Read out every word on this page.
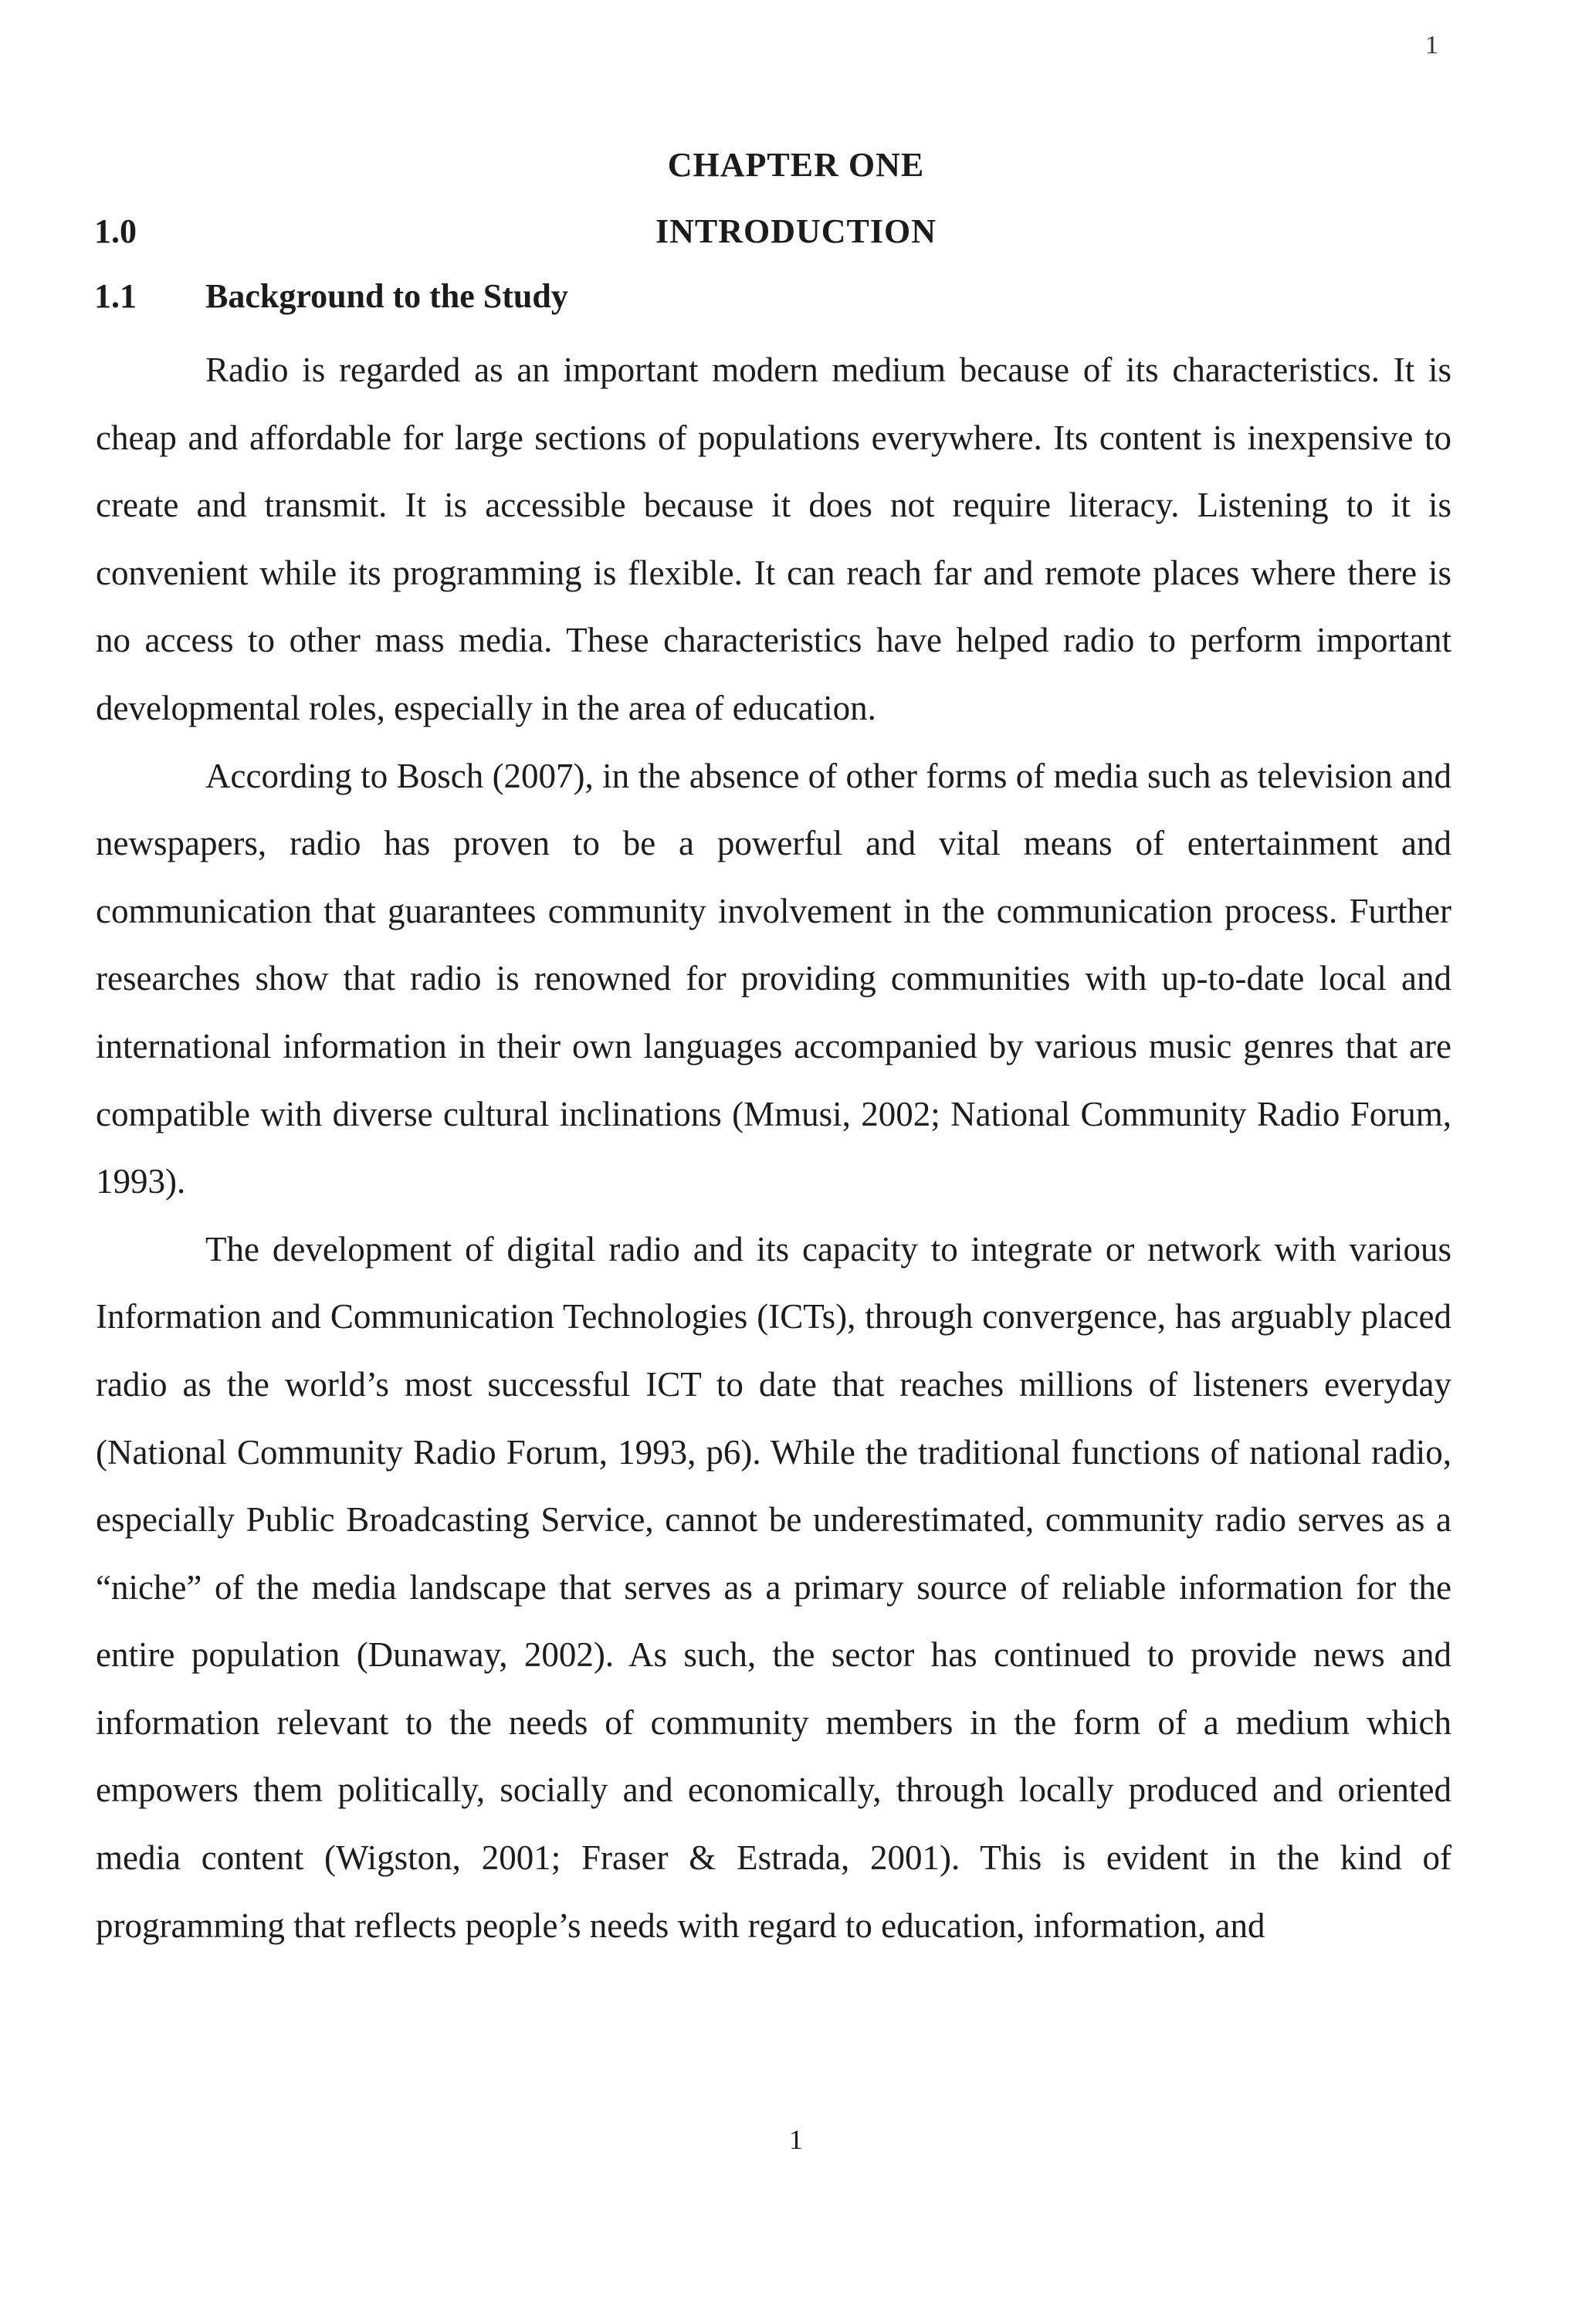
1
CHAPTER ONE
1.0	INTRODUCTION
1.1 Background to the Study

Radio is regarded as an important modern medium because of its characteristics. It is cheap and affordable for large sections of populations everywhere. Its content is inexpensive to create and transmit. It is accessible because it does not require literacy. Listening to it is convenient while its programming is flexible. It can reach far and remote places where there is no access to other mass media. These characteristics have helped radio to perform important developmental roles, especially in the area of education.

According to Bosch (2007), in the absence of other forms of media such as television and newspapers, radio has proven to be a powerful and vital means of entertainment and communication that guarantees community involvement in the communication process. Further researches show that radio is renowned for providing communities with up-to-date local and international information in their own languages accompanied by various music genres that are compatible with diverse cultural inclinations (Mmusi, 2002; National Community Radio Forum, 1993).

The development of digital radio and its capacity to integrate or network with various Information and Communication Technologies (ICTs), through convergence, has arguably placed radio as the world’s most successful ICT to date that reaches millions of listeners everyday (National Community Radio Forum, 1993, p6). While the traditional functions of national radio, especially Public Broadcasting Service, cannot be underestimated, community radio serves as a “niche” of the media landscape that serves as a primary source of reliable information for the entire population (Dunaway, 2002). As such, the sector has continued to provide news and information relevant to the needs of community members in the form of a medium which empowers them politically, socially and economically, through locally produced and oriented media content (Wigston, 2001; Fraser & Estrada, 2001). This is evident in the kind of programming that reflects people’s needs with regard to education, information, and

1
